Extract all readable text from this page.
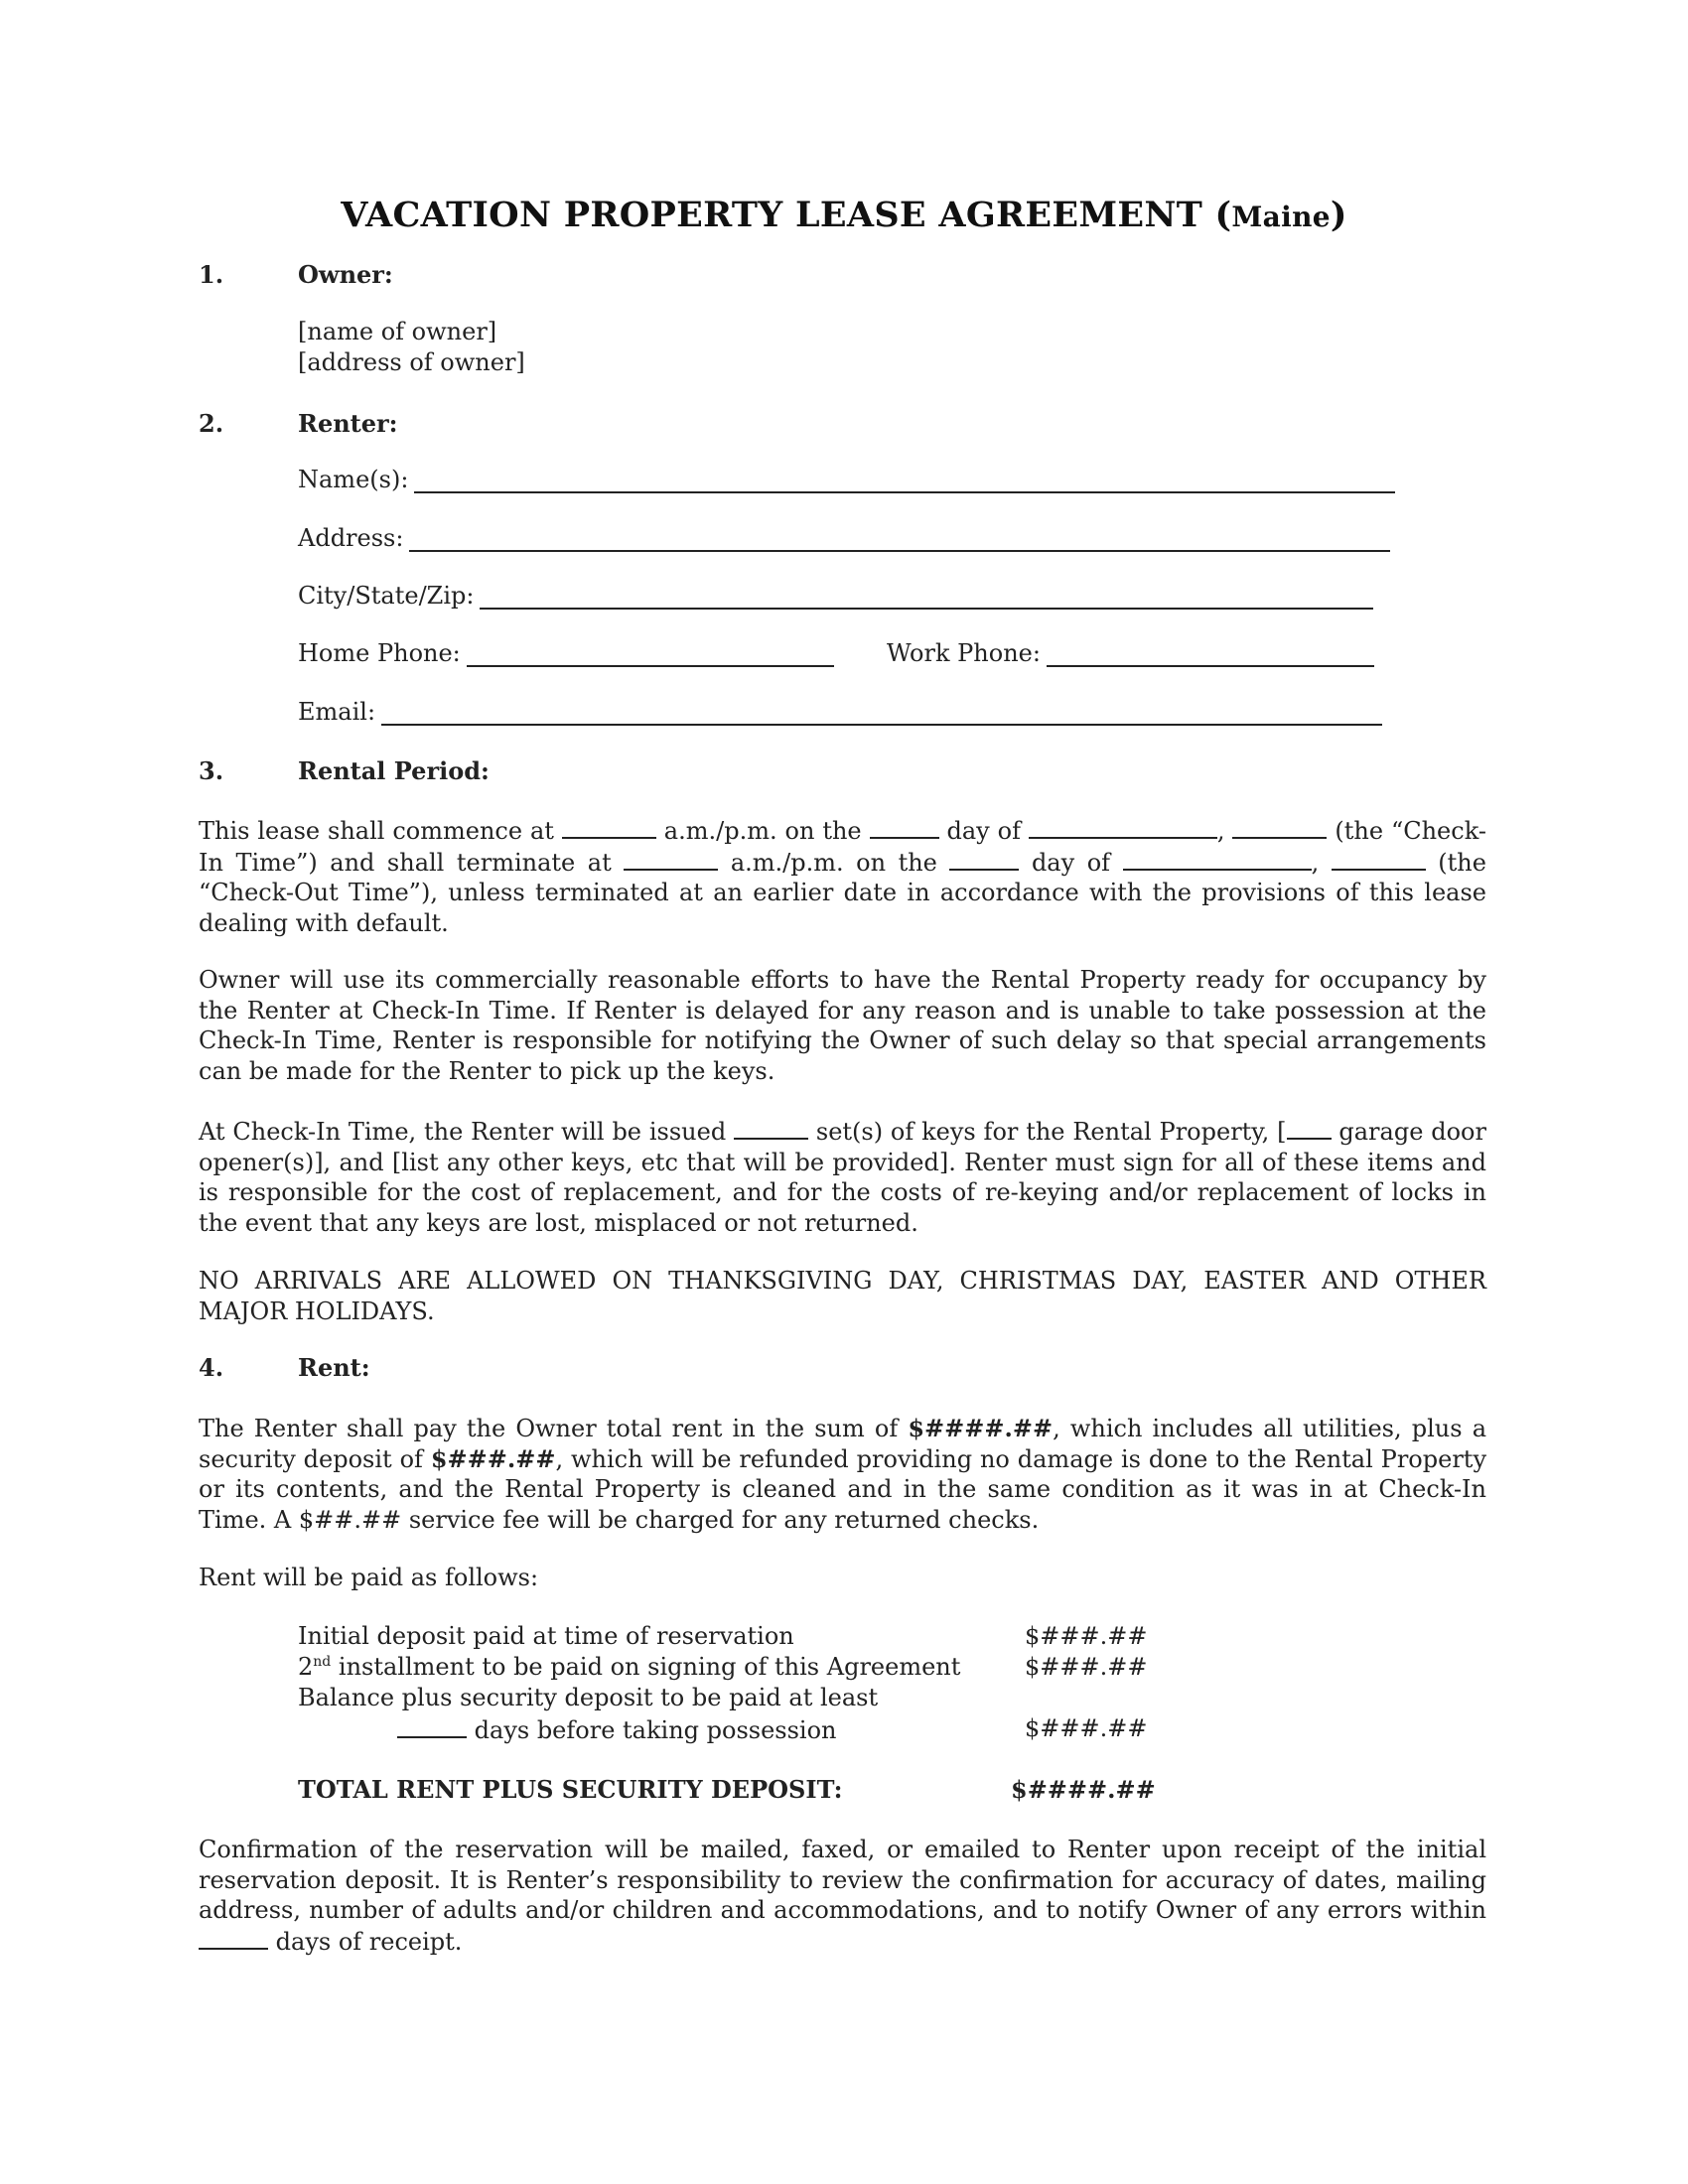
VACATION PROPERTY LEASE AGREEMENT (Maine)
1.	Owner:
[name of owner]
[address of owner]
2.	Renter:
Name(s):
Address:
City/State/Zip:
Home Phone:	Work Phone:
Email:
3.	Rental Period:
This lease shall commence at	a.m./p.m. on the	day of	,	(the “Check-In Time”) and shall terminate at	a.m./p.m. on the	day of	,	(the “Check-Out Time”), unless terminated at an earlier date in accordance with the provisions of this lease dealing with default.
Owner will use its commercially reasonable efforts to have the Rental Property ready for occupancy by the Renter at Check-In Time. If Renter is delayed for any reason and is unable to take possession at the Check-In Time, Renter is responsible for notifying the Owner of such delay so that special arrangements can be made for the Renter to pick up the keys.
At Check-In Time, the Renter will be issued	set(s) of keys for the Rental Property, [ garage door opener(s)], and [list any other keys, etc that will be provided]. Renter must sign for all of these items and is responsible for the cost of replacement, and for the costs of re-keying and/or replacement of locks in the event that any keys are lost, misplaced or not returned.
NO ARRIVALS ARE ALLOWED ON THANKSGIVING DAY, CHRISTMAS DAY, EASTER AND OTHER MAJOR HOLIDAYS.
4.	Rent:
The Renter shall pay the Owner total rent in the sum of $####.##, which includes all utilities, plus a security deposit of $###.##, which will be refunded providing no damage is done to the Rental Property or its contents, and the Rental Property is cleaned and in the same condition as it was in at Check-In Time. A $##.## service fee will be charged for any returned checks.
Rent will be paid as follows:
Initial deposit paid at time of reservation	$###.##
2nd installment to be paid on signing of this Agreement	$###.##
Balance plus security deposit to be paid at least
days before taking possession	$###.##
TOTAL RENT PLUS SECURITY DEPOSIT:	$####.##
Confirmation of the reservation will be mailed, faxed, or emailed to Renter upon receipt of the initial reservation deposit. It is Renter’s responsibility to review the confirmation for accuracy of dates, mailing address, number of adults and/or children and accommodations, and to notify Owner of any errors within  days of receipt.
